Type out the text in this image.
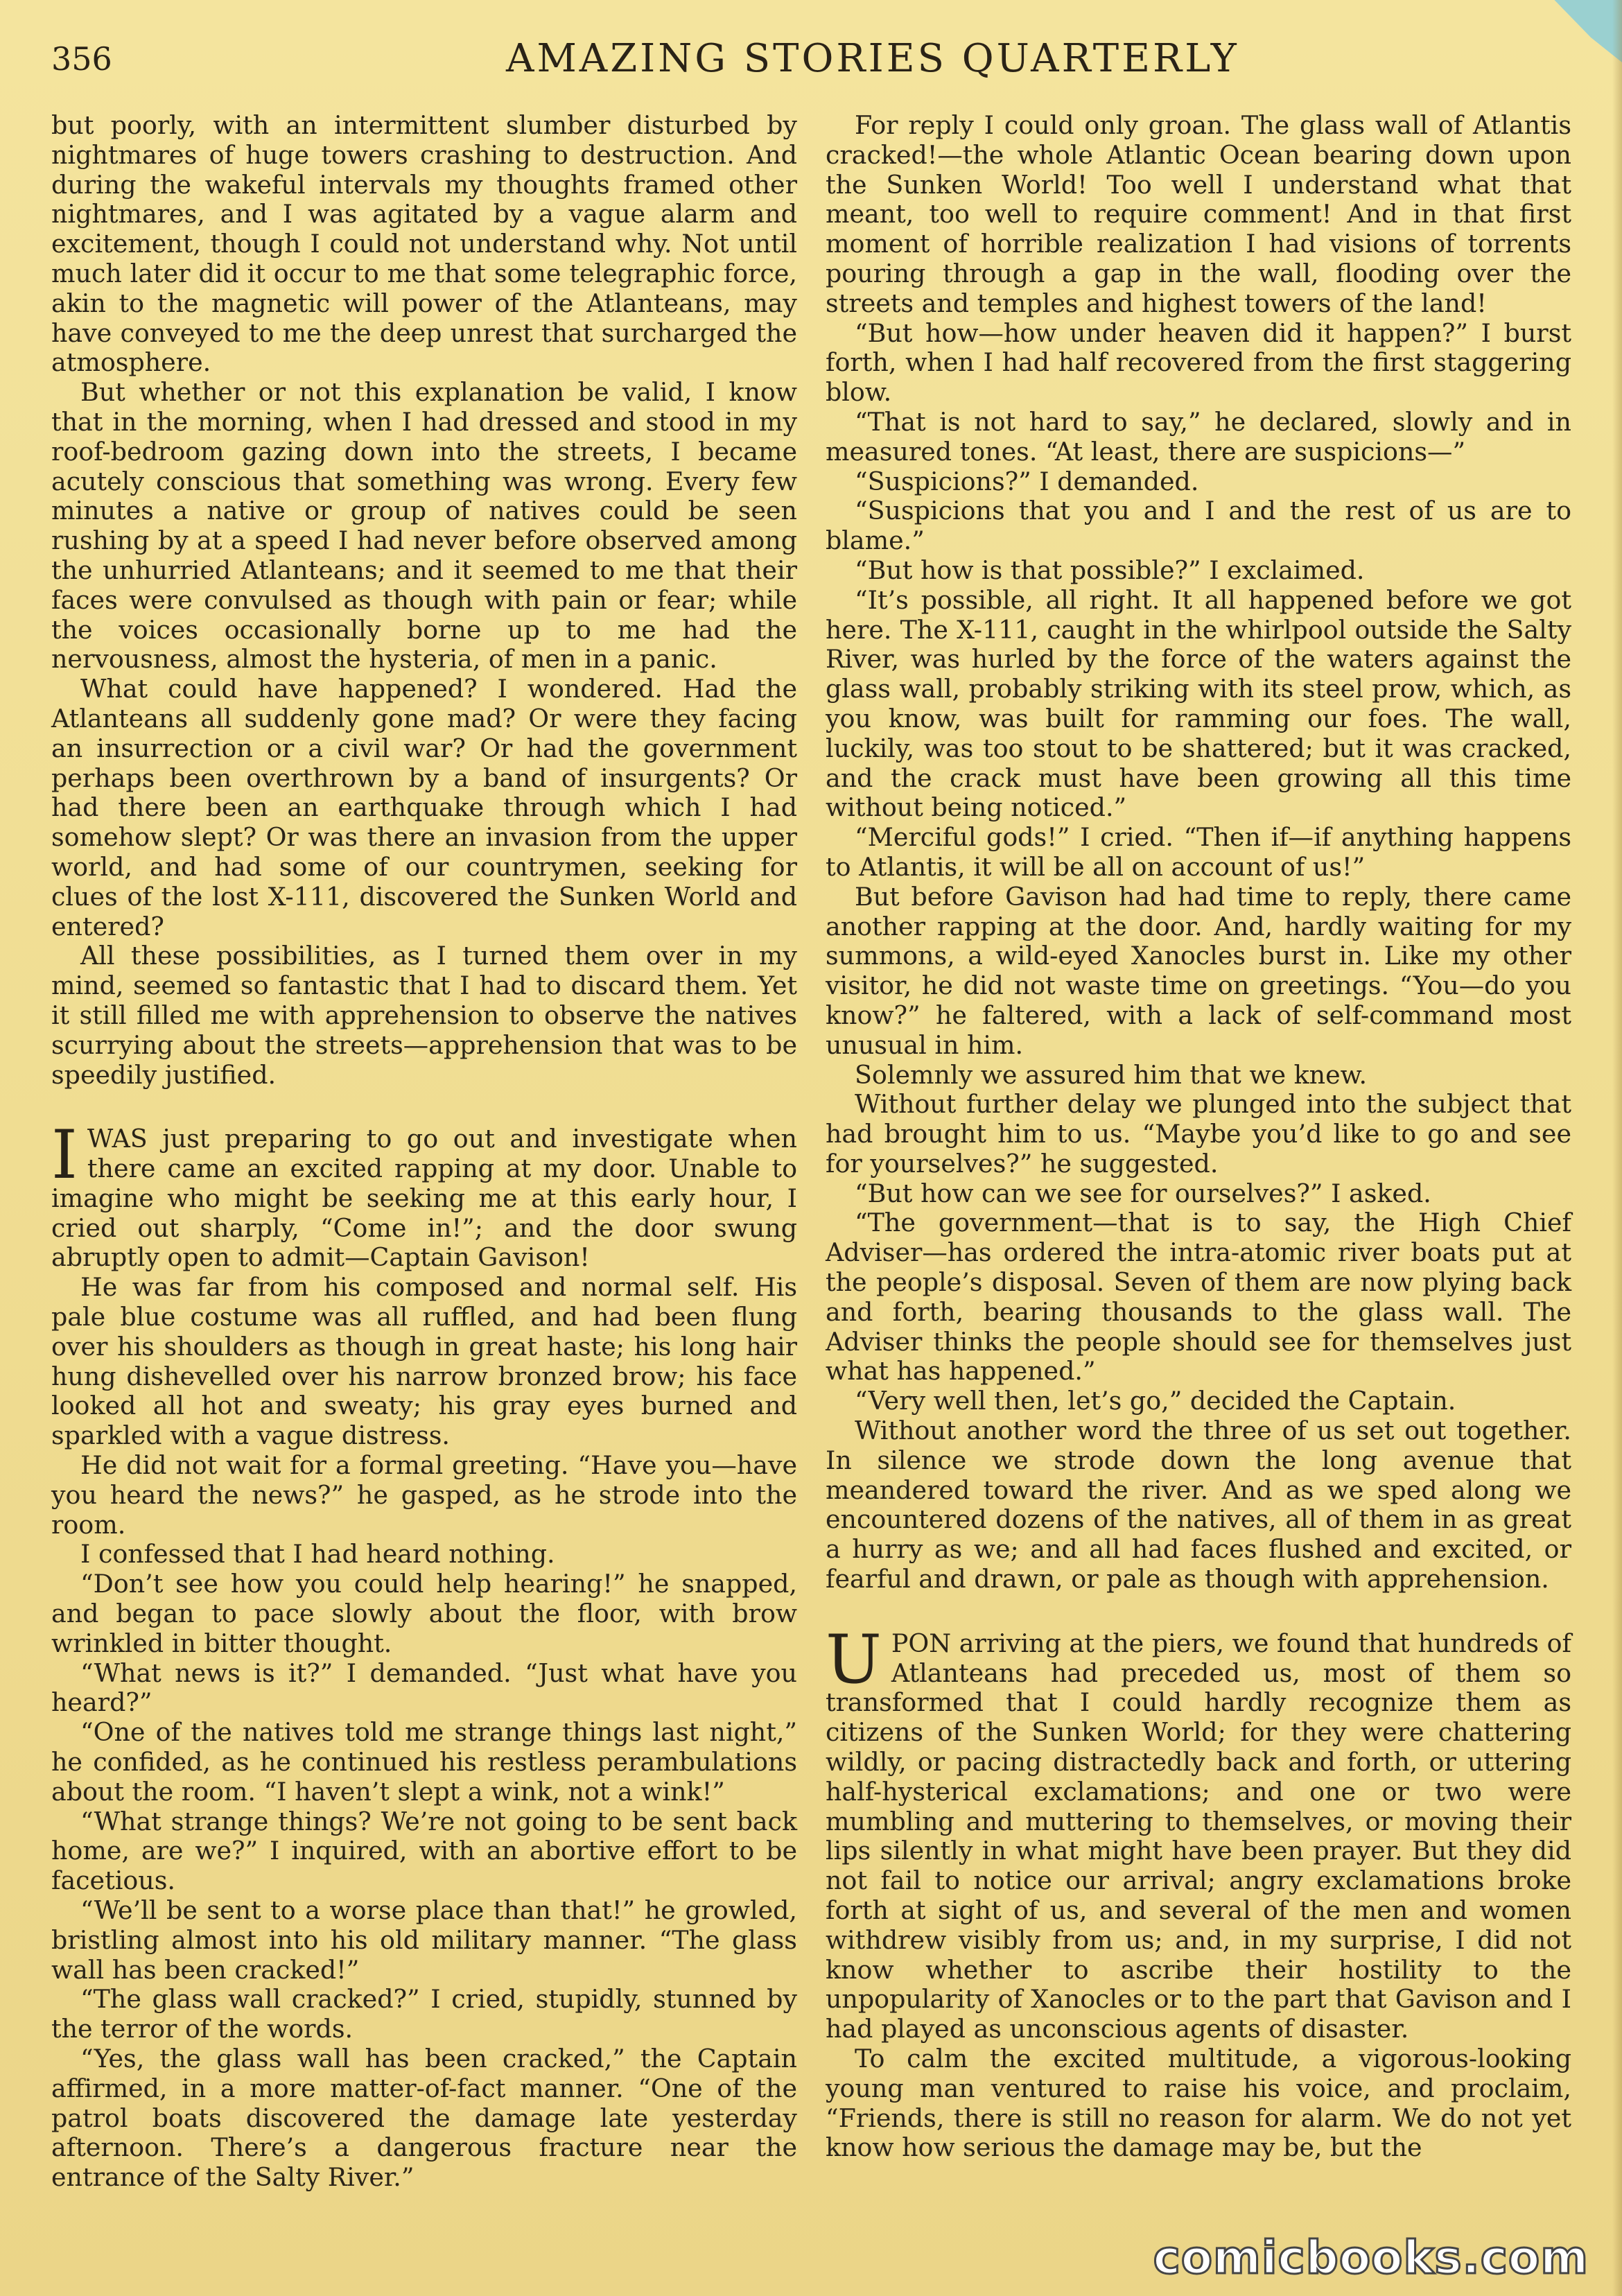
356	AMAZING STORIES QUARTERLY

but poorly, with an intermittent slumber disturbed by nightmares of huge towers crashing to destruction. And during the wakeful intervals my thoughts framed other nightmares, and I was agitated by a vague alarm and excitement, though I could not understand why. Not until much later did it occur to me that some telegraphic force, akin to the magnetic will power of the Atlanteans, may have conveyed to me the deep unrest that surcharged the atmosphere.

But whether or not this explanation be valid, I know that in the morning, when I had dressed and stood in my roof-bedroom gazing down into the streets, I became acutely conscious that something was wrong. Every few minutes a native or group of natives could be seen rushing by at a speed I had never before observed among the unhurried Atlanteans; and it seemed to me that their faces were convulsed as though with pain or fear; while the voices occasionally borne up to me had the nervousness, almost the hysteria, of men in a panic.

What could have happened? I wondered. Had the Atlanteans all suddenly gone mad? Or were they facing an insurrection or a civil war? Or had the government perhaps been overthrown by a band of insurgents? Or had there been an earthquake through which I had somehow slept? Or was there an invasion from the upper world, and had some of our countrymen, seeking for clues of the lost X-111, discovered the Sunken World and entered?

All these possibilities, as I turned them over in my mind, seemed so fantastic that I had to discard them. Yet it still filled me with apprehension to observe the natives scurrying about the streets—apprehension that was to be speedily justified.

IWAS just preparing to go out and investigate when there came an excited rapping at my door. Unable to imagine who might be seeking me at this early hour, I cried out sharply, “Come in!”; and the door swung abruptly open to admit—Captain Gavison!

He was far from his composed and normal self. His pale blue costume was all ruffled, and had been flung over his shoulders as though in great haste; his long hair hung dishevelled over his narrow bronzed brow; his face looked all hot and sweaty; his gray eyes burned and sparkled with a vague distress.

He did not wait for a formal greeting. “Have you—have you heard the news?” he gasped, as he strode into the room.

I confessed that I had heard nothing.

“Don’t see how you could help hearing!” he snapped, and began to pace slowly about the floor, with brow wrinkled in bitter thought.

“What news is it?” I demanded. “Just what have you heard?”

“One of the natives told me strange things last night,” he confided, as he continued his restless perambulations about the room. “I haven’t slept a wink, not a wink!”

“What strange things? We’re not going to be sent back home, are we?” I inquired, with an abortive effort to be facetious.

“We’ll be sent to a worse place than that!” he growled, bristling almost into his old military manner. “The glass wall has been cracked!”

“The glass wall cracked?” I cried, stupidly, stunned by the terror of the words.

“Yes, the glass wall has been cracked,” the Captain affirmed, in a more matter-of-fact manner. “One of the patrol boats discovered the damage late yesterday afternoon. There’s a dangerous fracture near the entrance of the Salty River.”

For reply I could only groan. The glass wall of Atlantis cracked!—the whole Atlantic Ocean bearing down upon the Sunken World! Too well I understand what that meant, too well to require comment! And in that first moment of horrible realization I had visions of torrents pouring through a gap in the wall, flooding over the streets and temples and highest towers of the land!

“But how—how under heaven did it happen?” I burst forth, when I had half recovered from the first staggering blow.

“That is not hard to say,” he declared, slowly and in measured tones. “At least, there are suspicions—”

“Suspicions?” I demanded.

“Suspicions that you and I and the rest of us are to blame.”

“But how is that possible?” I exclaimed.

“It’s possible, all right. It all happened before we got here. The X-111, caught in the whirlpool outside the Salty River, was hurled by the force of the waters against the glass wall, probably striking with its steel prow, which, as you know, was built for ramming our foes. The wall, luckily, was too stout to be shattered; but it was cracked, and the crack must have been growing all this time without being noticed.”

“Merciful gods!” I cried. “Then if—if anything happens to Atlantis, it will be all on account of us!”

But before Gavison had had time to reply, there came another rapping at the door. And, hardly waiting for my summons, a wild-eyed Xanocles burst in. Like my other visitor, he did not waste time on greetings. “You—do you know?” he faltered, with a lack of self-command most unusual in him.

Solemnly we assured him that we knew.

Without further delay we plunged into the subject that had brought him to us. “Maybe you’d like to go and see for yourselves?” he suggested.

“But how can we see for ourselves?” I asked.

“The government—that is to say, the High Chief Adviser—has ordered the intra-atomic river boats put at the people’s disposal. Seven of them are now plying back and forth, bearing thousands to the glass wall. The Adviser thinks the people should see for themselves just what has happened.”

“Very well then, let’s go,” decided the Captain.

Without another word the three of us set out together. In silence we strode down the long avenue that meandered toward the river. And as we sped along we encountered dozens of the natives, all of them in as great a hurry as we; and all had faces flushed and excited, or fearful and drawn, or pale as though with apprehension.

UPON arriving at the piers, we found that hundreds of Atlanteans had preceded us, most of them so transformed that I could hardly recognize them as citizens of the Sunken World; for they were chattering wildly, or pacing distractedly back and forth, or uttering half-hysterical exclamations; and one or two were mumbling and muttering to themselves, or moving their lips silently in what might have been prayer. But they did not fail to notice our arrival; angry exclamations broke forth at sight of us, and several of the men and women withdrew visibly from us; and, in my surprise, I did not know whether to ascribe their hostility to the unpopularity of Xanocles or to the part that Gavison and I had played as unconscious agents of disaster.

To calm the excited multitude, a vigorous-looking young man ventured to raise his voice, and proclaim, “Friends, there is still no reason for alarm. We do not yet know how serious the damage may be, but the

comicbooks.com
